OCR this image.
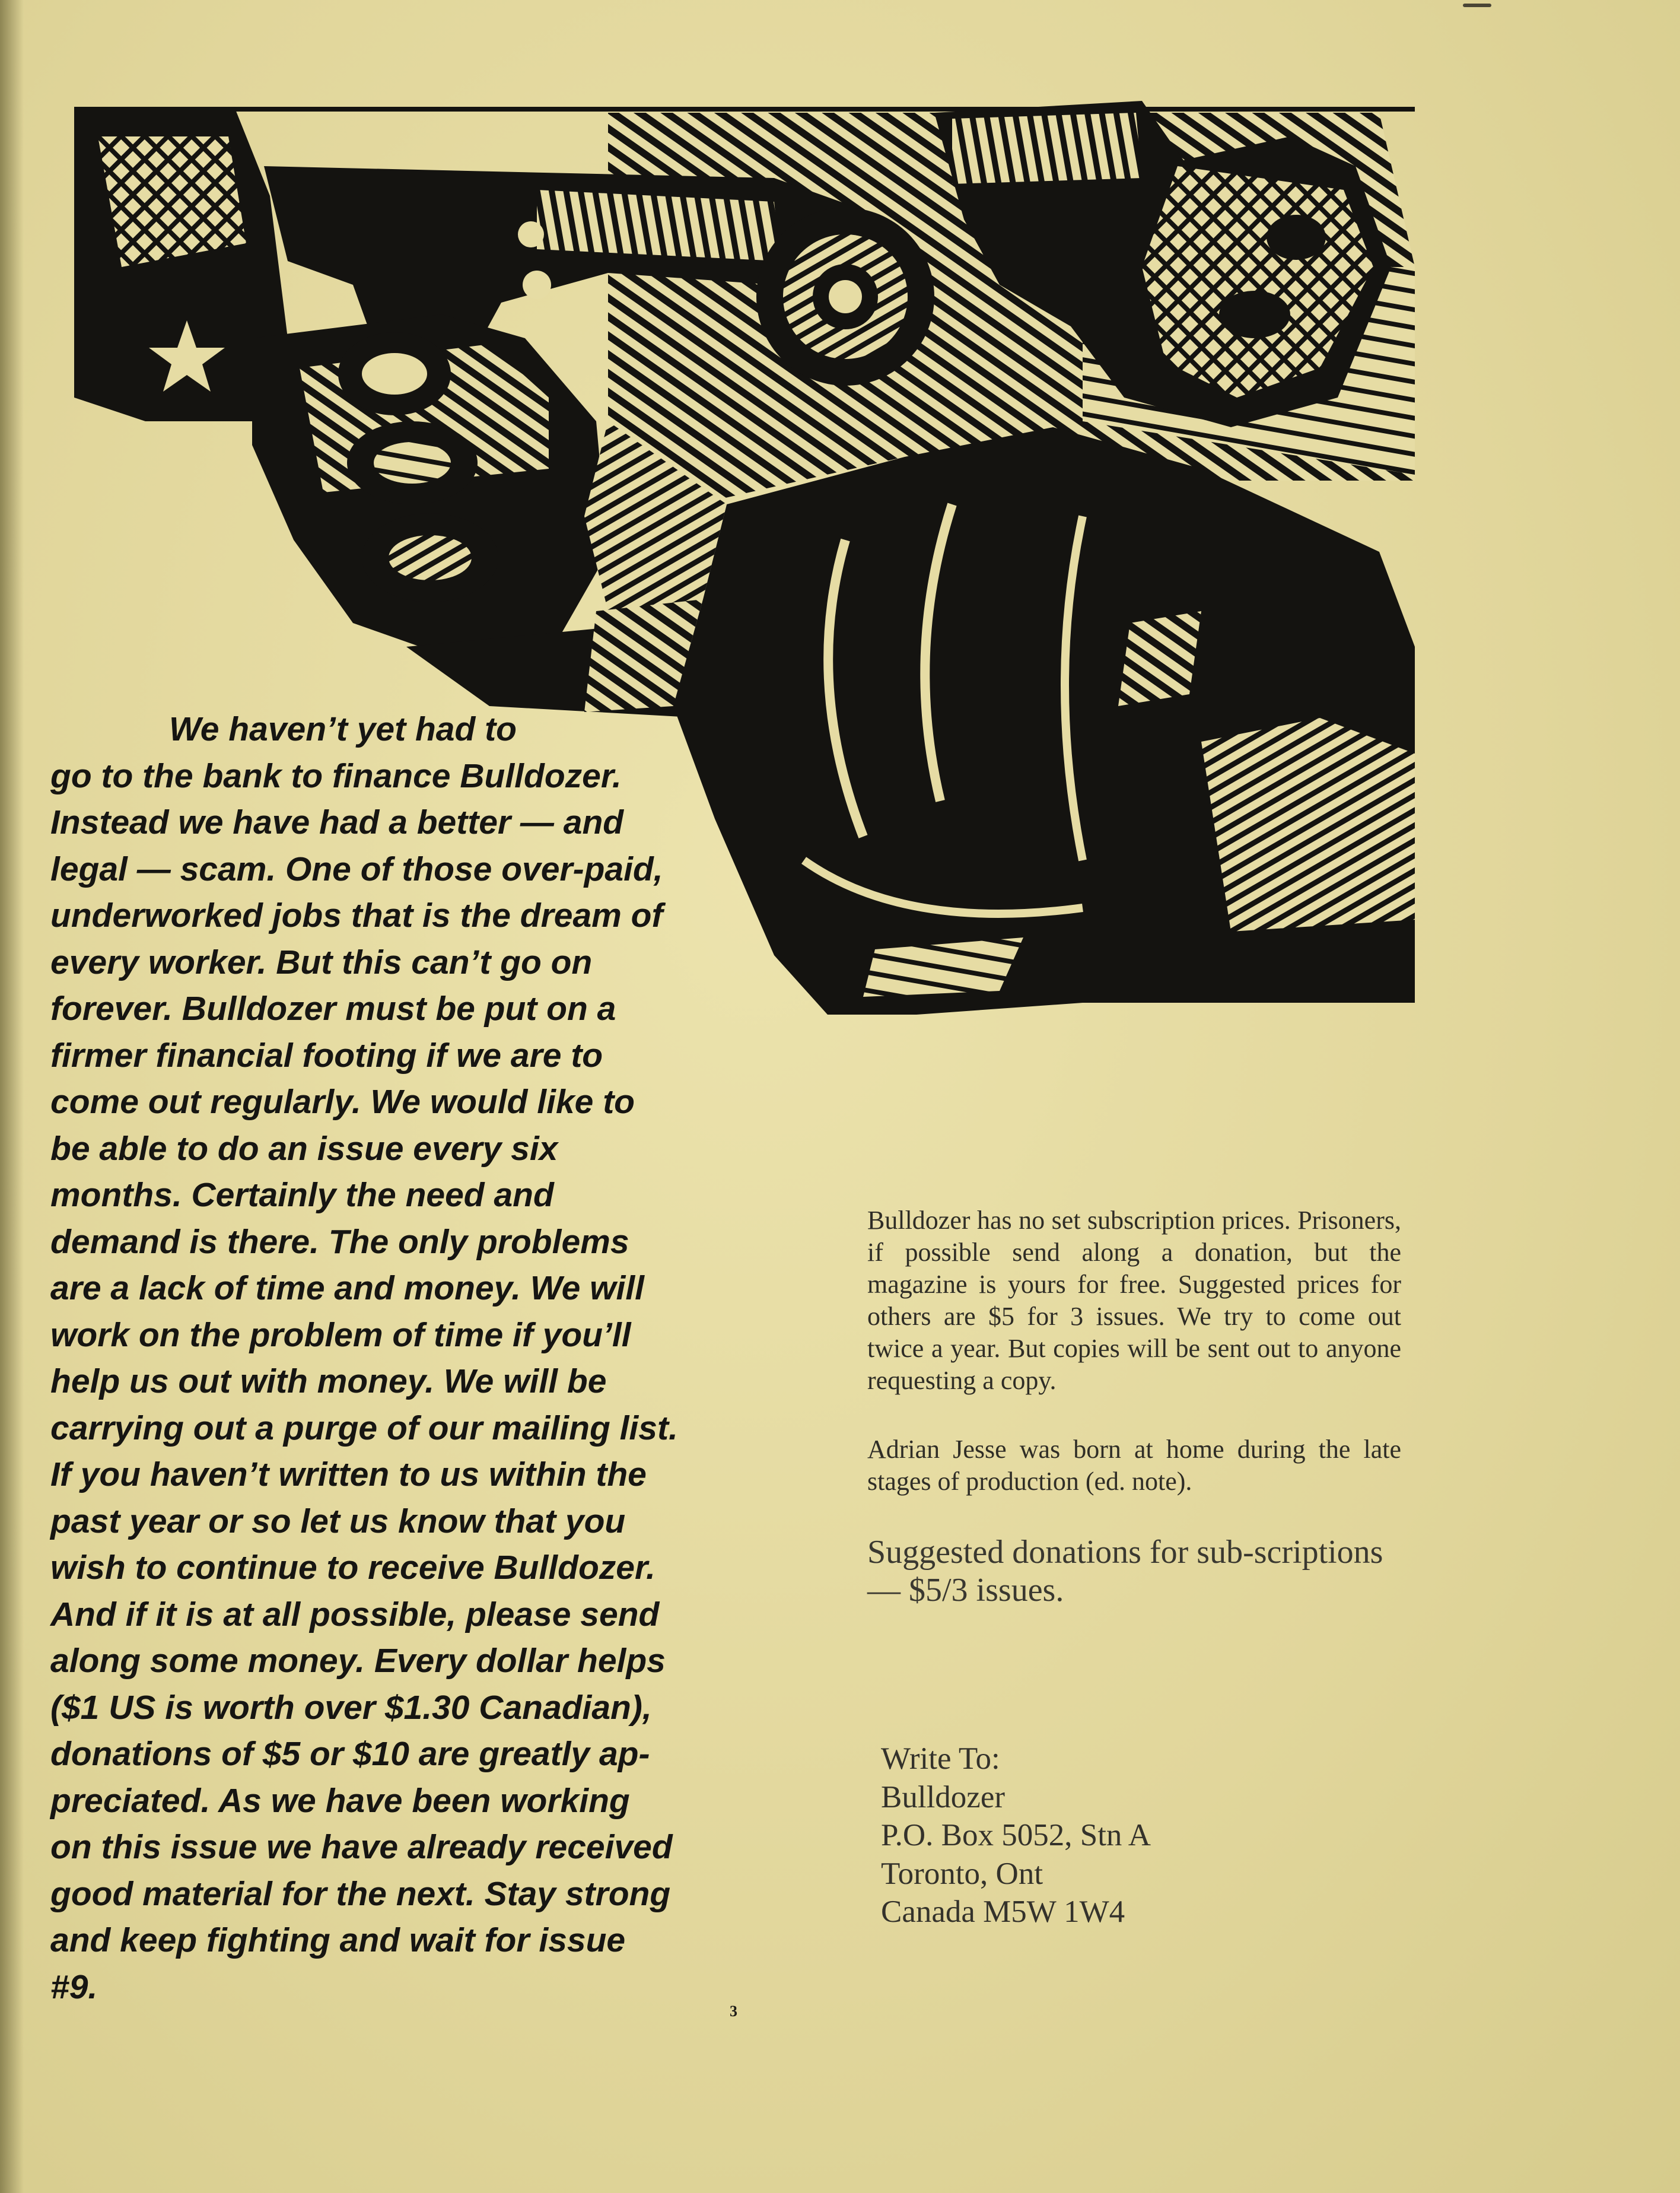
We haven’t yet had to
go to the bank to finance Bulldozer.
Instead we have had a better — and
legal — scam. One of those over-paid,
underworked jobs that is the dream of
every worker. But this can’t go on
forever. Bulldozer must be put on a
firmer financial footing if we are to
come out regularly. We would like to
be able to do an issue every six
months. Certainly the need and
demand is there. The only problems
are a lack of time and money. We will
work on the problem of time if you’ll
help us out with money. We will be
carrying out a purge of our mailing list.
If you haven’t written to us within the
past year or so let us know that you
wish to continue to receive Bulldozer.
And if it is at all possible, please send
along some money. Every dollar helps
($1 US is worth over $1.30 Canadian),
donations of $5 or $10 are greatly ap-
preciated. As we have been working
on this issue we have already received
good material for the next. Stay strong
and keep fighting and wait for issue
#9.
3

Bulldozer has no set subscription prices. Prisoners, if possible send along a donation, but the magazine is yours for free. Suggested prices for others are $5 for 3 issues. We try to come out twice a year. But copies will be sent out to anyone requesting a copy.

Adrian Jesse was born at home during the late stages of production (ed. note).

Suggested donations for sub-scriptions — $5/3 issues.

Write To:
Bulldozer
P.O. Box 5052, Stn A
Toronto, Ont
Canada M5W 1W4
